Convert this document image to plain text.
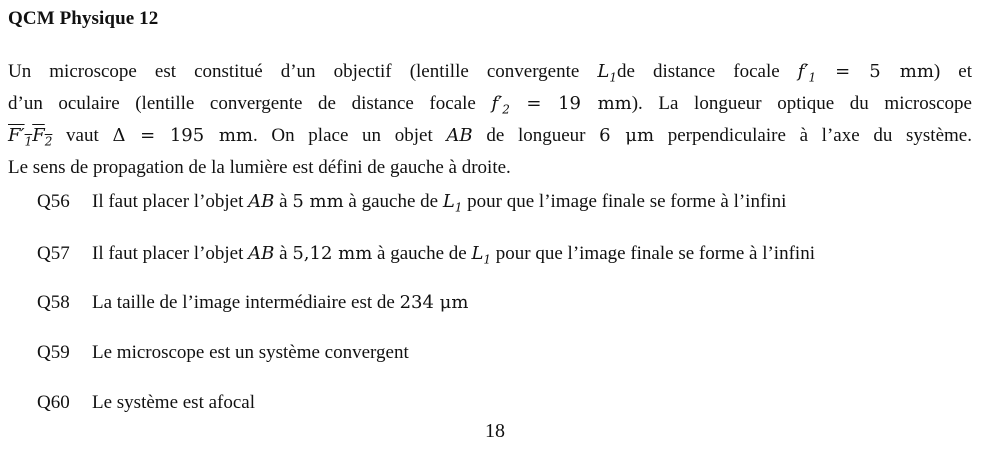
QCM Physique 12
Un microscope est constitué d’un objectif (lentille convergente $L_1de$ distance focale $f'_1 = 5$ mm) et
d’un oculaire (lentille convergente de distance focale $f'_2 = 19$ mm). La longueur optique du microscope
$F'_1F_2$ vaut Δ = 195 mm. On place un objet AB de longueur 6 μm perpendiculaire à l’axe du système.
Le sens de propagation de la lumière est défini de gauche à droite.
Q56 Il faut placer l’objet AB à 5 mm à gauche de $L_1$ pour que l’image finale se forme à l’infini
Q57 Il faut placer l’objet AB à 5,12 mm à gauche de $L_1$ pour que l’image finale se forme à l’infini
Q58 La taille de l’image intermédiaire est de 234 μm
Q59 Le microscope est un système convergent
Q60 Le système est afocal
18
